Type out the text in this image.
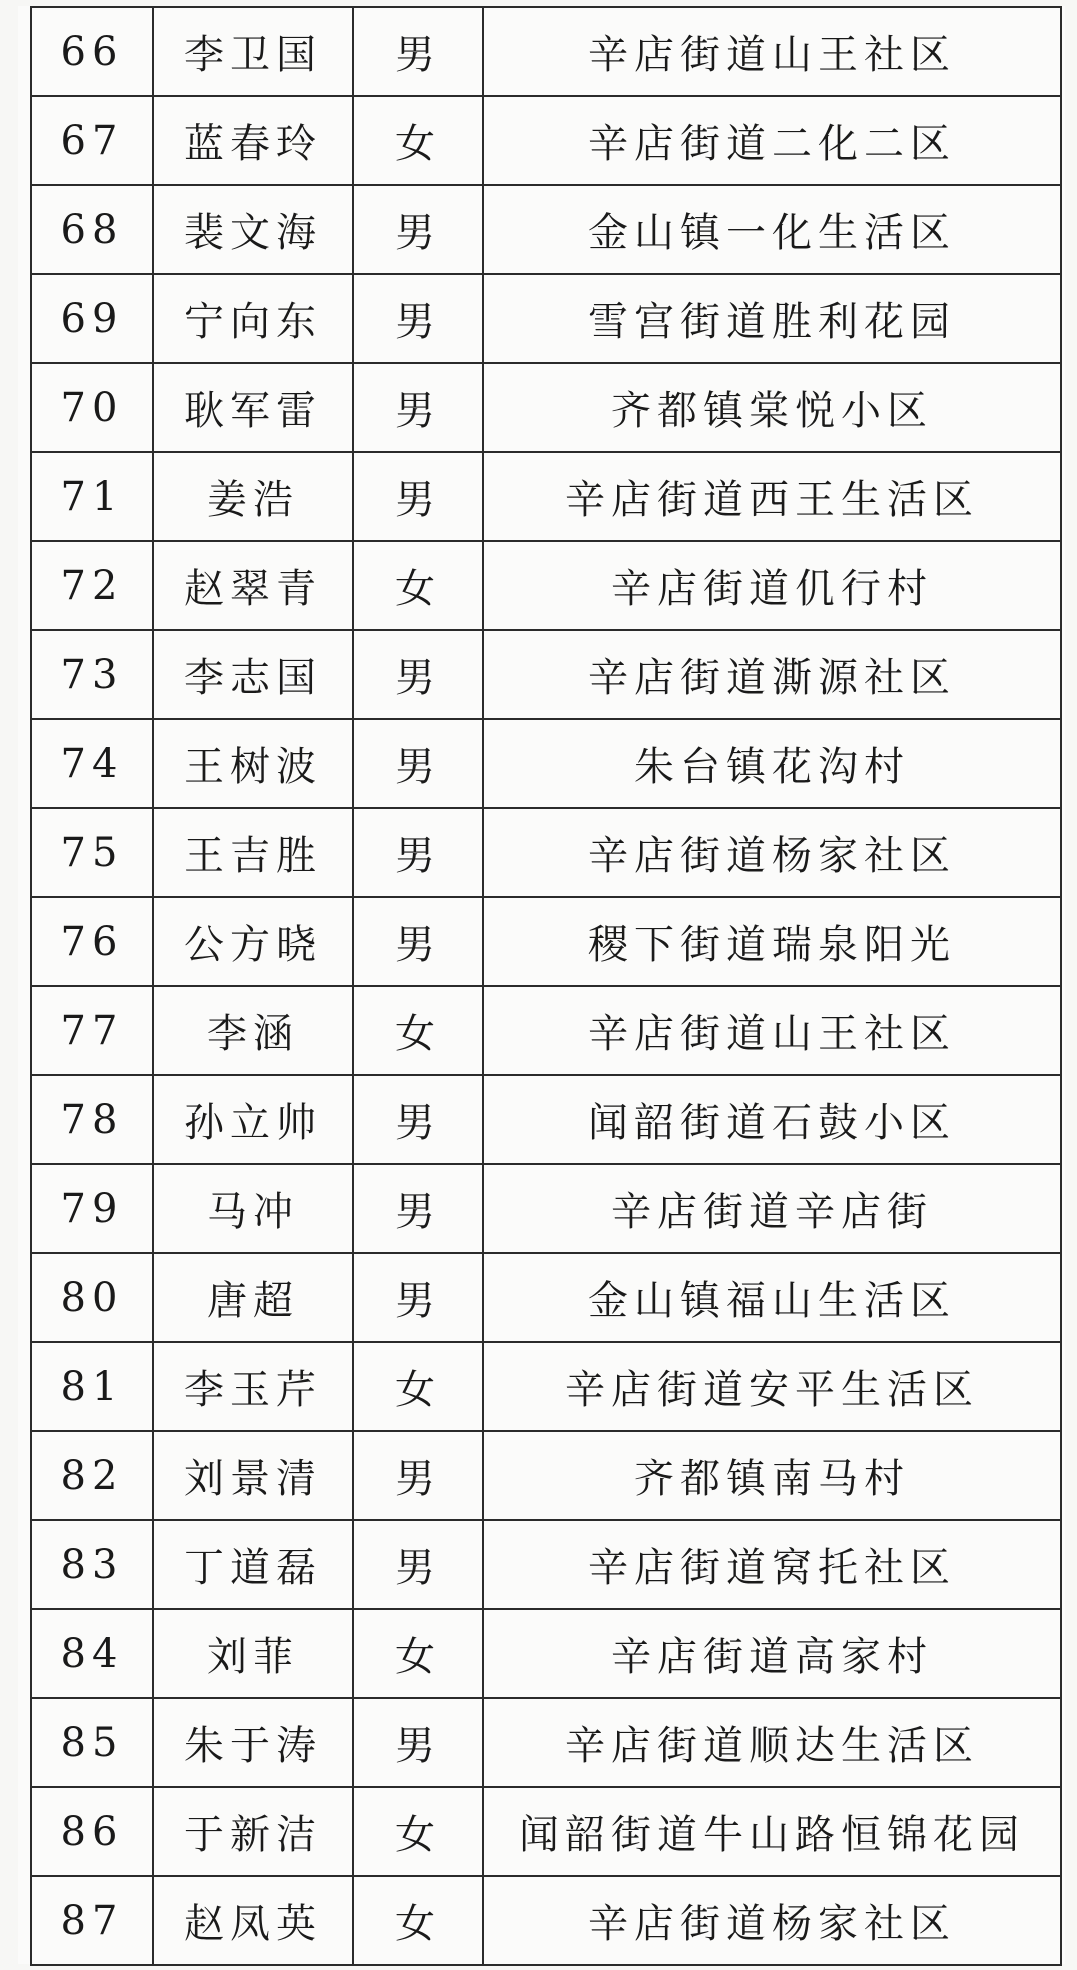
66	李卫国	男	辛店街道山王社区
67	蓝春玲	女	辛店街道二化二区
68	裴文海	男	金山镇一化生活区
69	宁向东	男	雪宫街道胜利花园
70	耿军雷	男	齐都镇棠悦小区
71	姜浩	男	辛店街道西王生活区
72	赵翠青	女	辛店街道仉行村
73	李志国	男	辛店街道澌源社区
74	王树波	男	朱台镇花沟村
75	王吉胜	男	辛店街道杨家社区
76	公方晓	男	稷下街道瑞泉阳光
77	李涵	女	辛店街道山王社区
78	孙立帅	男	闻韶街道石鼓小区
79	马冲	男	辛店街道辛店街
80	唐超	男	金山镇福山生活区
81	李玉芹	女	辛店街道安平生活区
82	刘景清	男	齐都镇南马村
83	丁道磊	男	辛店街道窝托社区
84	刘菲	女	辛店街道高家村
85	朱于涛	男	辛店街道顺达生活区
86	于新洁	女	闻韶街道牛山路恒锦花园
87	赵凤英	女	辛店街道杨家社区
